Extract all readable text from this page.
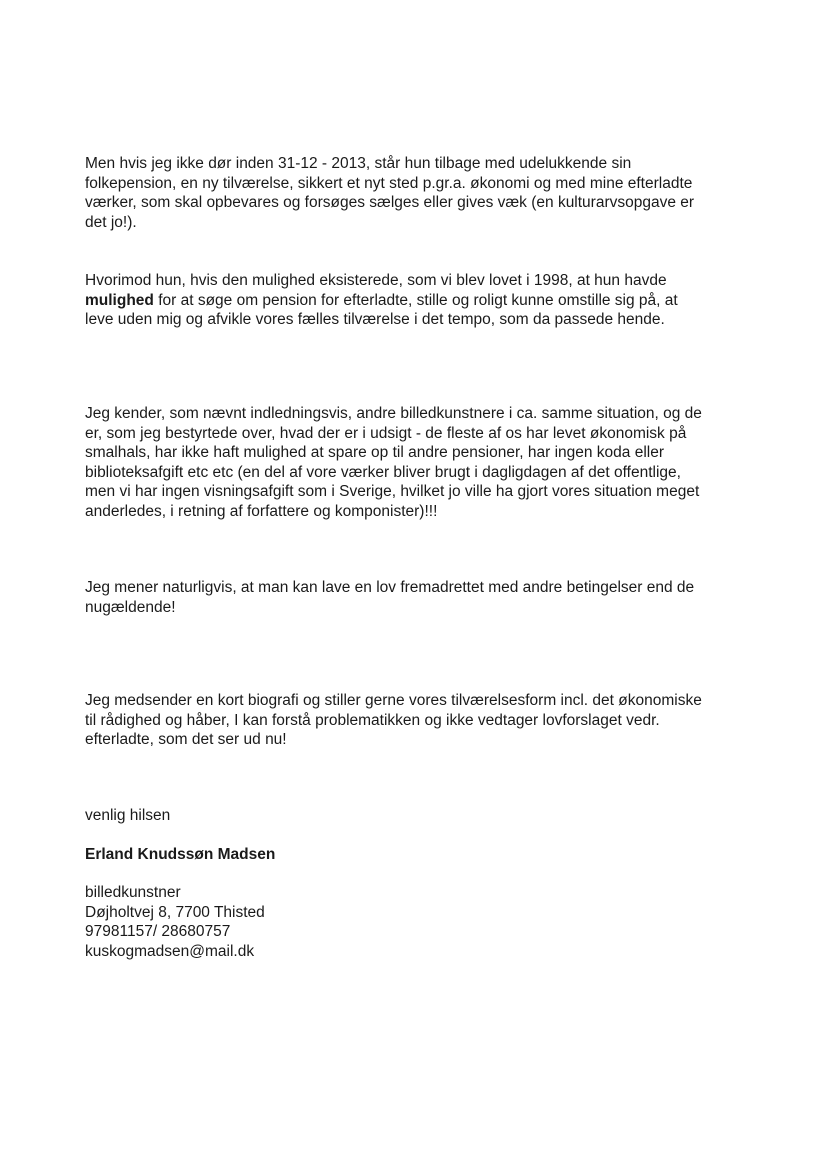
Men hvis jeg ikke dør inden 31-12 - 2013, står hun tilbage med udelukkende sin
folkepension, en ny tilværelse, sikkert et nyt sted p.gr.a. økonomi og med mine efterladte
værker, som skal opbevares og forsøges sælges eller gives væk (en kulturarvsopgave er
det jo!).

Hvorimod hun, hvis den mulighed eksisterede, som vi blev lovet i 1998, at hun havde
mulighed for at søge om pension for efterladte, stille og roligt kunne omstille sig på, at
leve uden mig og afvikle vores fælles tilværelse i det tempo, som da passede hende.

Jeg kender, som nævnt indledningsvis, andre billedkunstnere i ca. samme situation, og de
er, som jeg bestyrtede over, hvad der er i udsigt - de fleste af os har levet økonomisk på
smalhals, har ikke haft mulighed at spare op til andre pensioner, har ingen koda eller
biblioteksafgift etc etc (en del af vore værker bliver brugt i dagligdagen af det offentlige,
men vi har ingen visningsafgift som i Sverige, hvilket jo ville ha gjort vores situation meget
anderledes, i retning af forfattere og komponister)!!!

Jeg mener naturligvis, at man kan lave en lov fremadrettet med andre betingelser end de
nugældende!

Jeg medsender en kort biografi og stiller gerne vores tilværelsesform incl. det økonomiske
til rådighed og håber, I kan forstå problematikken og ikke vedtager lovforslaget vedr.
efterladte, som det ser ud nu!

venlig hilsen

Erland Knudssøn Madsen

billedkunstner
Døjholtvej 8, 7700 Thisted
97981157/ 28680757
kuskogmadsen@mail.dk
